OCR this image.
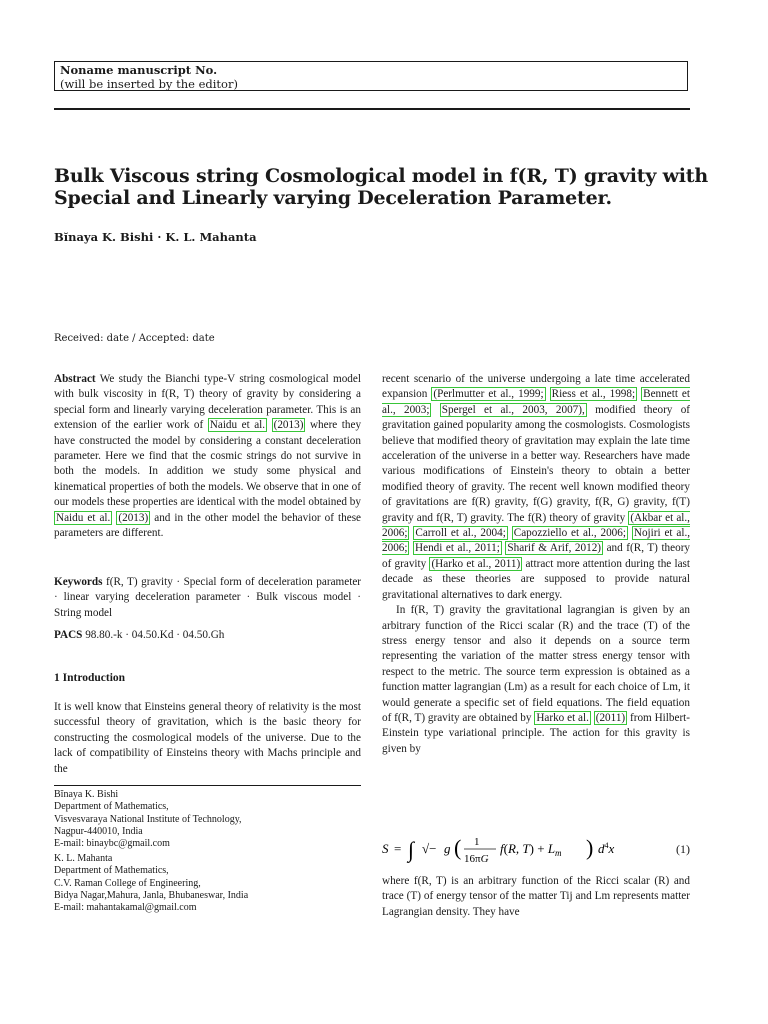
Noname manuscript No.
(will be inserted by the editor)
Bulk Viscous string Cosmological model in f(R, T) gravity with
Special and Linearly varying Deceleration Parameter.
Bĭnaya K. Bishi · K. L. Mahanta
Received: date / Accepted: date

Abstract We study the Bianchi type-V string cosmological model with bulk viscosity in f(R, T) theory of gravity by considering a special form and linearly varying deceleration parameter. This is an extension of the earlier work of Naidu et al. (2013) where they have constructed the model by considering a constant deceleration parameter. Here we find that the cosmic strings do not survive in both the models. In addition we study some physical and kinematical properties of both the models. We observe that in one of our models these properties are identical with the model obtained by Naidu et al. (2013) and in the other model the behavior of these parameters are different.

Keywords f(R, T) gravity · Special form of deceleration parameter · linear varying deceleration parameter · Bulk viscous model · String model

PACS 98.80.-k · 04.50.Kd · 04.50.Gh

1 Introduction
It is well know that Einsteins general theory of relativity is the most successful theory of gravitation, which is the basic theory for constructing the cosmological models of the universe. Due to the lack of compatibility of Einsteins theory with Machs principle and the
Bĭnaya K. Bishi
Department of Mathematics,
Visvesvaraya National Institute of Technology,
Nagpur-440010, India
E-mail: binaybc@gmail.com
K. L. Mahanta
Department of Mathematics,
C.V. Raman College of Engineering,
Bidya Nagar,Mahura, Janla, Bhubaneswar, India
E-mail: mahantakamal@gmail.com

recent scenario of the universe undergoing a late time accelerated expansion (Perlmutter et al., 1999; Riess et al., 1998; Bennett et al., 2003; Spergel et al., 2003, 2007), modified theory of gravitation gained popularity among the cosmologists. Cosmologists believe that modified theory of gravitation may explain the late time acceleration of the universe in a better way. Researchers have made various modifications of Einstein's theory to obtain a better modified theory of gravity. The recent well known modified theory of gravitations are f(R) gravity, f(G) gravity, f(R, G) gravity, f(T) gravity and f(R, T) gravity. The f(R) theory of gravity (Akbar et al., 2006; Carroll et al., 2004; Capozziello et al., 2006; Nojiri et al., 2006; Hendi et al., 2011; Sharif & Arif, 2012) and f(R, T) theory of gravity (Harko et al., 2011) attract more attention during the last decade as these theories are supposed to provide natural gravitational alternatives to dark energy.

In f(R, T) gravity the gravitational lagrangian is given by an arbitrary function of the Ricci scalar (R) and the trace (T) of the stress energy tensor and also it depends on a source term representing the variation of the matter stress energy tensor with respect to the metric. The source term expression is obtained as a function matter lagrangian (Lm) as a result for each choice of Lm, it would generate a specific set of field equations. The field equation of f(R, T) gravity are obtained by Harko et al. (2011) from Hilbert-Einstein type variational principle. The action for this gravity is given by

S = ∫ √− g ( 1
16πG
f(R, $T) + L_m$ ) $d^4x$	(1)
where f(R, T) is an arbitrary function of the Ricci scalar (R) and trace (T) of energy tensor of the matter Tij and Lm represents matter Lagrangian density. They have
